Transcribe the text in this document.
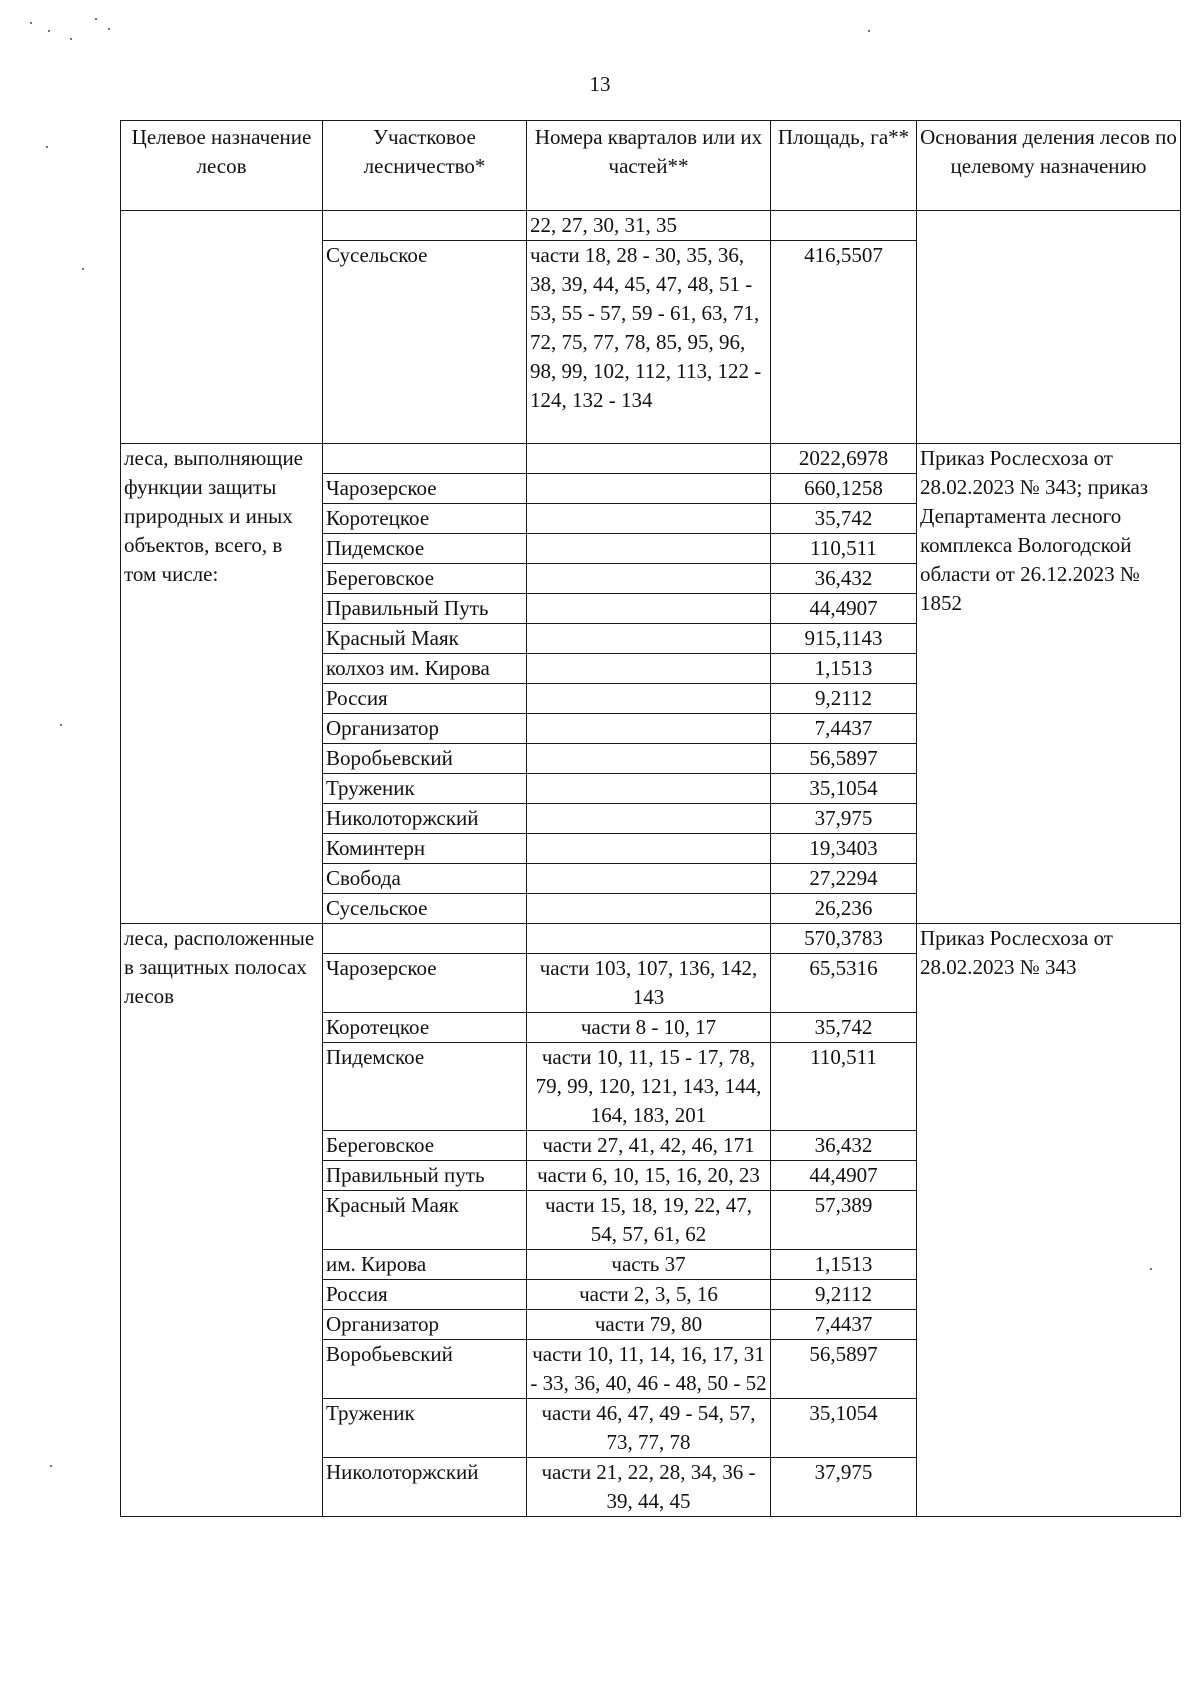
13
Целевое назначение лесов	Участковое лесничество*	Номера кварталов или их частей**	Площадь, га**	Основания деления лесов по целевому назначению
		22, 27, 30, 31, 35		
	Сусельское	части 18, 28 - 30, 35, 36, 38, 39, 44, 45, 47, 48, 51 - 53, 55 - 57, 59 - 61, 63, 71, 72, 75, 77, 78, 85, 95, 96, 98, 99, 102, 112, 113, 122 - 124, 132 - 134	416,5507	
леса, выполняющие функции защиты природных и иных объектов, всего, в том числе:			2022,6978	Приказ Рослесхоза от 28.02.2023 № 343; приказ Департамента лесного комплекса Вологодской области от 26.12.2023 № 1852
	Чарозерское		660,1258	
	Коротецкое		35,742	
	Пидемское		110,511	
	Береговское		36,432	
	Правильный Путь		44,4907	
	Красный Маяк		915,1143	
	колхоз им. Кирова		1,1513	
	Россия		9,2112	
	Организатор		7,4437	
	Воробьевский		56,5897	
	Труженик		35,1054	
	Николоторжский		37,975	
	Коминтерн		19,3403	
	Свобода		27,2294	
	Сусельское		26,236	
леса, расположенные в защитных полосах лесов			570,3783	Приказ Рослесхоза от 28.02.2023 № 343
	Чарозерское	части 103, 107, 136, 142, 143	65,5316	
	Коротецкое	части 8 - 10, 17	35,742	
	Пидемское	части 10, 11, 15 - 17, 78, 79, 99, 120, 121, 143, 144, 164, 183, 201	110,511	
	Береговское	части 27, 41, 42, 46, 171	36,432	
	Правильный путь	части 6, 10, 15, 16, 20, 23	44,4907	
	Красный Маяк	части 15, 18, 19, 22, 47, 54, 57, 61, 62	57,389	
	им. Кирова	часть 37	1,1513	
	Россия	части 2, 3, 5, 16	9,2112	
	Организатор	части 79, 80	7,4437	
	Воробьевский	части 10, 11, 14, 16, 17, 31 - 33, 36, 40, 46 - 48, 50 - 52	56,5897	
	Труженик	части 46, 47, 49 - 54, 57, 73, 77, 78	35,1054	
	Николоторжский	части 21, 22, 28, 34, 36 - 39, 44, 45	37,975	
